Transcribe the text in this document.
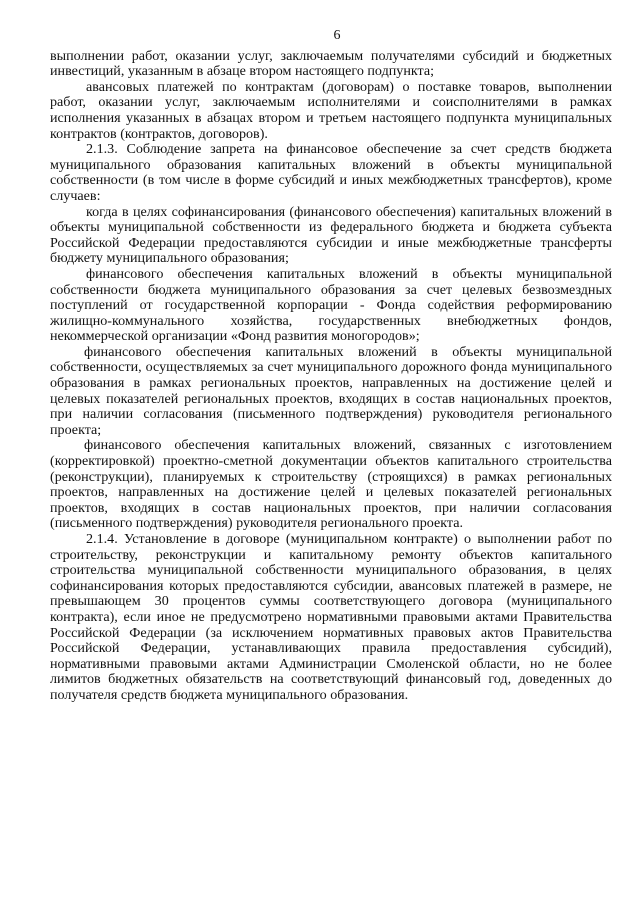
6

выполнении работ, оказании услуг, заключаемым получателями субсидий и бюджетных инвестиций, указанным в абзаце втором настоящего подпункта;

авансовых платежей по контрактам (договорам) о поставке товаров, выполнении работ, оказании услуг, заключаемым исполнителями и соисполнителями в рамках исполнения указанных в абзацах втором и третьем настоящего подпункта муниципальных контрактов (контрактов, договоров).

2.1.3. Соблюдение запрета на финансовое обеспечение за счет средств бюджета муниципального образования капитальных вложений в объекты муниципальной собственности (в том числе в форме субсидий и иных межбюджетных трансфертов), кроме случаев:

когда в целях софинансирования (финансового обеспечения) капитальных вложений в объекты муниципальной собственности из федерального бюджета и бюджета субъекта Российской Федерации предоставляются субсидии и иные межбюджетные трансферты бюджету муниципального образования;

финансового обеспечения капитальных вложений в объекты муниципальной собственности бюджета муниципального образования за счет целевых безвозмездных поступлений от государственной корпорации - Фонда содействия реформированию жилищно-коммунального хозяйства, государственных внебюджетных фондов, некоммерческой организации «Фонд развития моногородов»;

финансового обеспечения капитальных вложений в объекты муниципальной собственности, осуществляемых за счет муниципального дорожного фонда муниципального образования в рамках региональных проектов, направленных на достижение целей и целевых показателей региональных проектов, входящих в состав национальных проектов, при наличии согласования (письменного подтверждения) руководителя регионального проекта;

финансового обеспечения капитальных вложений, связанных с изготовлением (корректировкой) проектно-сметной документации объектов капитального строительства (реконструкции), планируемых к строительству (строящихся) в рамках региональных проектов, направленных на достижение целей и целевых показателей региональных проектов, входящих в состав национальных проектов, при наличии согласования (письменного подтверждения) руководителя регионального проекта.

2.1.4. Установление в договоре (муниципальном контракте) о выполнении работ по строительству, реконструкции и капитальному ремонту объектов капитального строительства муниципальной собственности муниципального образования, в целях софинансирования которых предоставляются субсидии, авансовых платежей в размере, не превышающем 30 процентов суммы соответствующего договора (муниципального контракта), если иное не предусмотрено нормативными правовыми актами Правительства Российской Федерации (за исключением нормативных правовых актов Правительства Российской Федерации, устанавливающих правила предоставления субсидий), нормативными правовыми актами Администрации Смоленской области, но не более лимитов бюджетных обязательств на соответствующий финансовый год, доведенных до получателя средств бюджета муниципального образования.
